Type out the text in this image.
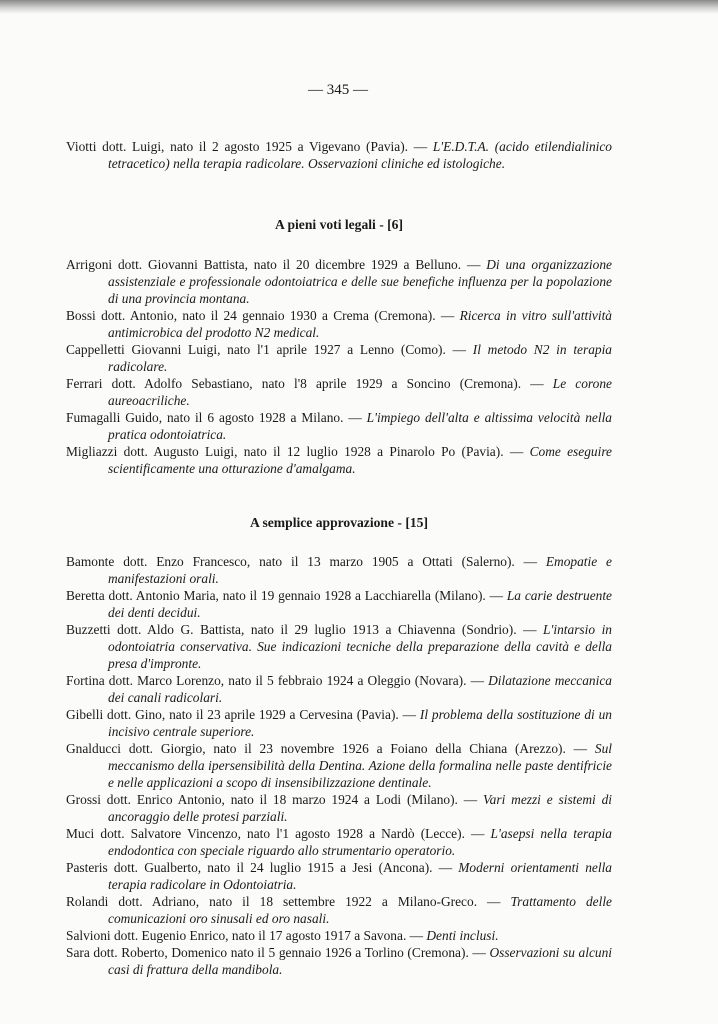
— 345 —
Viotti dott. Luigi, nato il 2 agosto 1925 a Vigevano (Pavia). — L'E.D.T.A. (acido etilendialinico tetracetico) nella terapia radicolare. Osservazioni cliniche ed istologiche.
A pieni voti legali - [6]
Arrigoni dott. Giovanni Battista, nato il 20 dicembre 1929 a Belluno. — Di una organizzazione assistenziale e professionale odontoiatrica e delle sue benefiche influenza per la popolazione di una provincia montana.
Bossi dott. Antonio, nato il 24 gennaio 1930 a Crema (Cremona). — Ricerca in vitro sull'attività antimicrobica del prodotto N2 medical.
Cappelletti Giovanni Luigi, nato l'1 aprile 1927 a Lenno (Como). — Il metodo N2 in terapia radicolare.
Ferrari dott. Adolfo Sebastiano, nato l'8 aprile 1929 a Soncino (Cremona). — Le corone aureoacriliche.
Fumagalli Guido, nato il 6 agosto 1928 a Milano. — L'impiego dell'alta e altissima velocità nella pratica odontoiatrica.
Migliazzi dott. Augusto Luigi, nato il 12 luglio 1928 a Pinarolo Po (Pavia). — Come eseguire scientificamente una otturazione d'amalgama.
A semplice approvazione - [15]
Bamonte dott. Enzo Francesco, nato il 13 marzo 1905 a Ottati (Salerno). — Emopatie e manifestazioni orali.
Beretta dott. Antonio Maria, nato il 19 gennaio 1928 a Lacchiarella (Milano). — La carie destruente dei denti decidui.
Buzzetti dott. Aldo G. Battista, nato il 29 luglio 1913 a Chiavenna (Sondrio). — L'intarsio in odontoiatria conservativa. Sue indicazioni tecniche della preparazione della cavità e della presa d'impronte.
Fortina dott. Marco Lorenzo, nato il 5 febbraio 1924 a Oleggio (Novara). — Dilatazione meccanica dei canali radicolari.
Gibelli dott. Gino, nato il 23 aprile 1929 a Cervesina (Pavia). — Il problema della sostituzione di un incisivo centrale superiore.
Gnalducci dott. Giorgio, nato il 23 novembre 1926 a Foiano della Chiana (Arezzo). — Sul meccanismo della ipersensibilità della Dentina. Azione della formalina nelle paste dentifricie e nelle applicazioni a scopo di insensibilizzazione dentinale.
Grossi dott. Enrico Antonio, nato il 18 marzo 1924 a Lodi (Milano). — Vari mezzi e sistemi di ancoraggio delle protesi parziali.
Muci dott. Salvatore Vincenzo, nato l'1 agosto 1928 a Nardò (Lecce). — L'asepsi nella terapia endodontica con speciale riguardo allo strumentario operatorio.
Pasteris dott. Gualberto, nato il 24 luglio 1915 a Jesi (Ancona). — Moderni orientamenti nella terapia radicolare in Odontoiatria.
Rolandi dott. Adriano, nato il 18 settembre 1922 a Milano-Greco. — Trattamento delle comunicazioni oro sinusali ed oro nasali.
Salvioni dott. Eugenio Enrico, nato il 17 agosto 1917 a Savona. — Denti inclusi.
Sara dott. Roberto, Domenico nato il 5 gennaio 1926 a Torlino (Cremona). — Osservazioni su alcuni casi di frattura della mandibola.
